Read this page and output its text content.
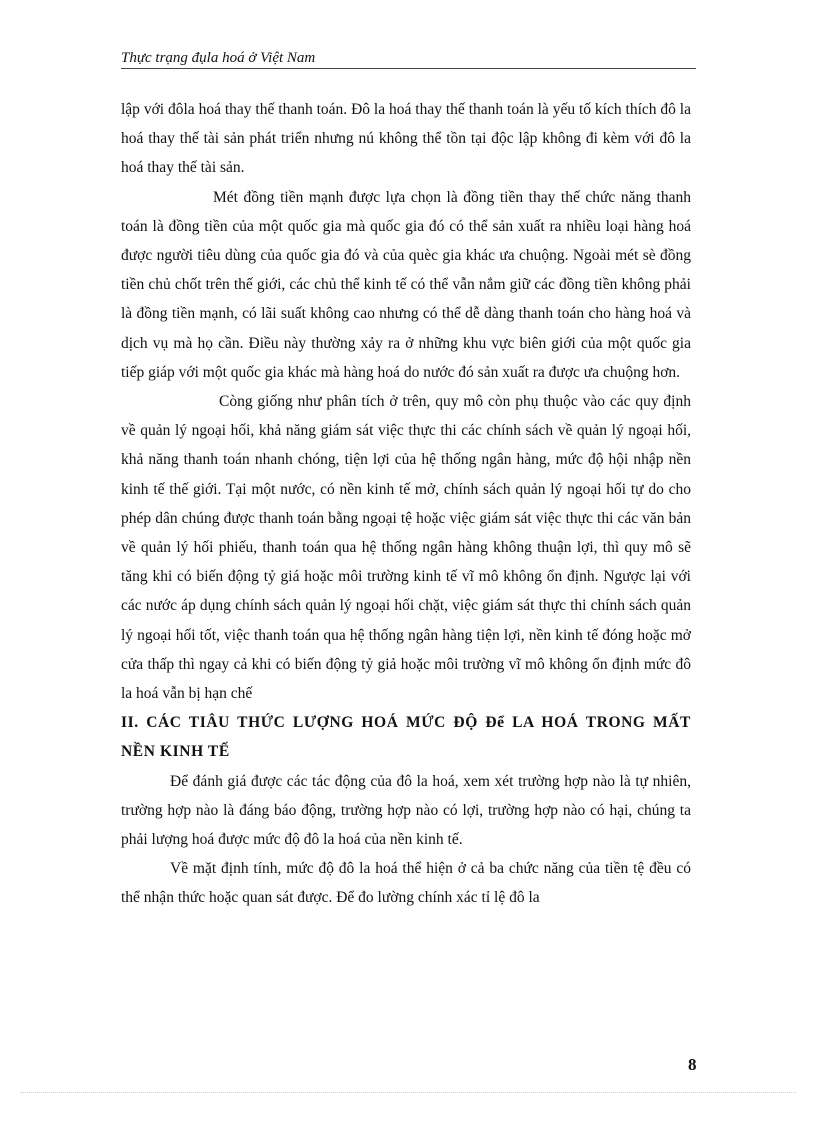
Thực trạng đụla hoá ở Việt Nam

lập với đôla hoá thay thế thanh toán. Đô la hoá thay thế thanh toán là yếu tố kích thích đô la hoá thay thế tài sản phát triển nhưng nú không thể tồn tại độc lập không đi kèm với đô la hoá thay thế tài sản.

Mét đồng tiền mạnh được lựa chọn là đồng tiền thay thế chức năng thanh toán là đồng tiền của một quốc gia mà quốc gia đó có thể sản xuất ra nhiều loại hàng hoá được người tiêu dùng của quốc gia đó và của quèc gia khác ưa chuộng. Ngoài mét sè đồng tiền chủ chốt trên thế giới, các chủ thể kinh tế có thể vẫn nắm giữ các đồng tiền không phải là đồng tiền mạnh, có lãi suất không cao nhưng có thể dễ dàng thanh toán cho hàng hoá và dịch vụ mà họ cần. Điều này thường xảy ra ở những khu vực biên giới của một quốc gia tiếp giáp với một quốc gia khác mà hàng hoá do nước đó sản xuất ra được ưa chuộng hơn.

Còng giống như phân tích ở trên, quy mô còn phụ thuộc vào các quy định về quản lý ngoại hối, khả năng giám sát việc thực thi các chính sách về quản lý ngoại hối, khả năng thanh toán nhanh chóng, tiện lợi của hệ thống ngân hàng, mức độ hội nhập nền kinh tế thế giới. Tại một nước, có nền kinh tế mở, chính sách quản lý ngoại hối tự do cho phép dân chúng được thanh toán bằng ngoại tệ hoặc việc giám sát việc thực thi các văn bản về quản lý hối phiếu, thanh toán qua hệ thống ngân hàng không thuận lợi, thì quy mô sẽ tăng khi có biến động tỷ giá hoặc môi trường kinh tế vĩ mô không ổn định. Ngược lại với các nước áp dụng chính sách quản lý ngoại hối chặt, việc giám sát thực thi chính sách quản lý ngoại hối tốt, việc thanh toán qua hệ thống ngân hàng tiện lợi, nền kinh tế đóng hoặc mở cửa thấp thì ngay cả khi có biến động tỷ giả hoặc môi trường vĩ mô không ổn định mức đô la hoá vẫn bị hạn chế

II. CÁC TIÂU THỨC LƯỢNG HOÁ MỨC ĐỘ Để LA HOÁ TRONG MẤT NỀN KINH TẾ

Để đánh giá được các tác động của đô la hoá, xem xét trường hợp nào là tự nhiên, trường hợp nào là đáng báo động, trường hợp nào có lợi, trường hợp nào có hại, chúng ta phải lượng hoá được mức độ đô la hoá của nền kinh tế.

Về mặt định tính, mức độ đô la hoá thể hiện ở cả ba chức năng của tiền tệ đều có thể nhận thức hoặc quan sát được. Để đo lường chính xác tỉ lệ đô la

8
